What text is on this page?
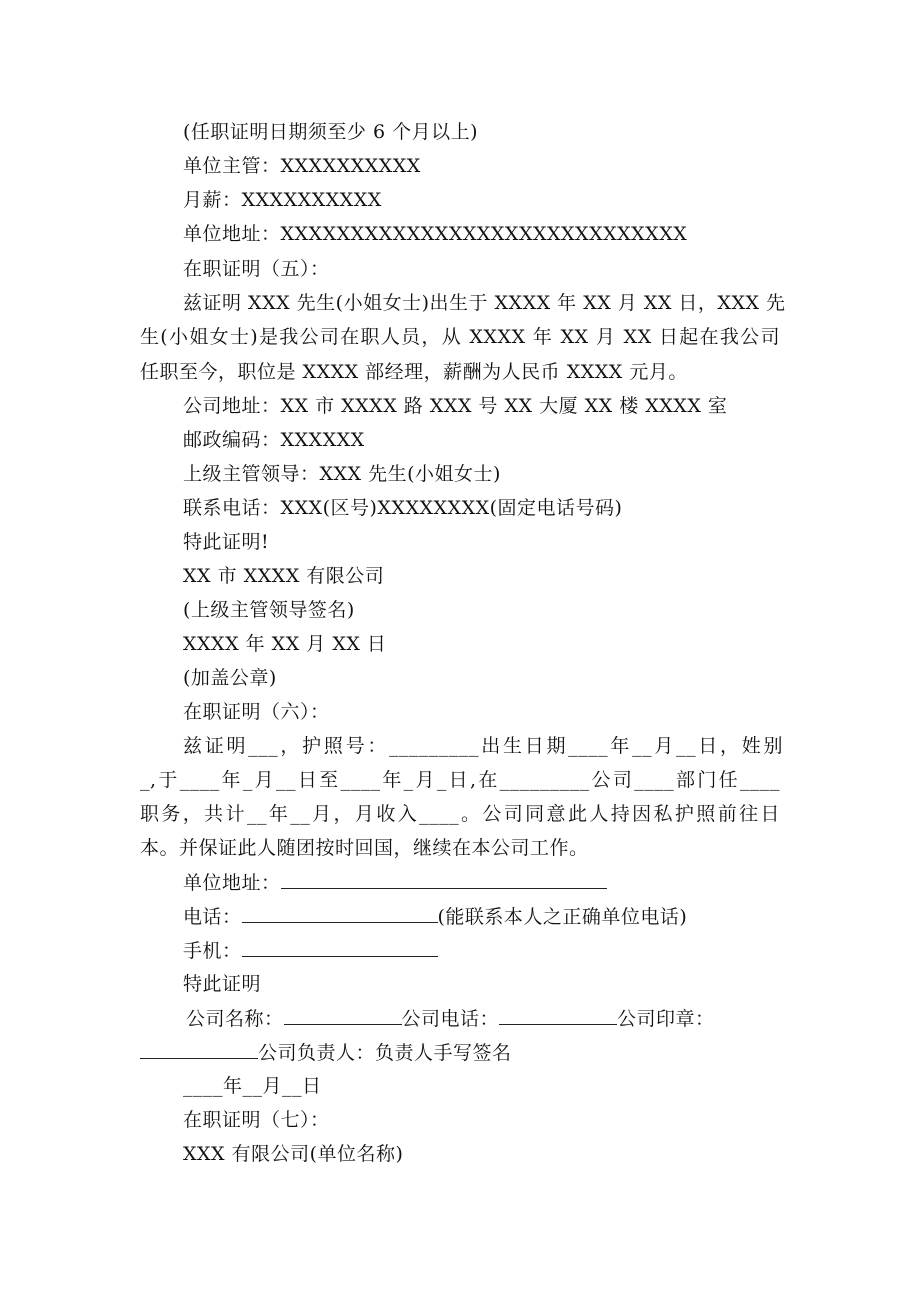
(任职证明日期须至少 6 个月以上)
单位主管：XXXXXXXXXX
月薪：XXXXXXXXXX
单位地址：XXXXXXXXXXXXXXXXXXXXXXXXXXXXX
在职证明（五）：
兹证明 XXX 先生(小姐女士)出生于 XXXX 年 XX 月 XX 日，XXX 先
生(小姐女士)是我公司在职人员，从 XXXX 年 XX 月 XX 日起在我公司
任职至今，职位是 XXXX 部经理，薪酬为人民币 XXXX 元月。
公司地址：XX 市 XXXX 路 XXX 号 XX 大厦 XX 楼 XXXX 室
邮政编码：XXXXXX
上级主管领导：XXX 先生(小姐女士)
联系电话：XXX(区号)XXXXXXXX(固定电话号码)
特此证明!
XX 市 XXXX 有限公司
(上级主管领导签名)
XXXX 年 XX 月 XX 日
(加盖公章)
在职证明（六）：
兹证明___，护照号：_________出生日期____年__月__日，姓别
_,于____年_月__日至____年_月_日,在_________公司____部门任____
职务，共计__年__月，月收入____。公司同意此人持因私护照前往日
本。并保证此人随团按时回国，继续在本公司工作。
单位地址：
电话：	(能联系本人之正确单位电话)
手机：
特此证明
公司名称：	公司电话：	公司印章：
公司负责人：负责人手写签名
____年__月__日
在职证明（七）：
XXX 有限公司(单位名称)
